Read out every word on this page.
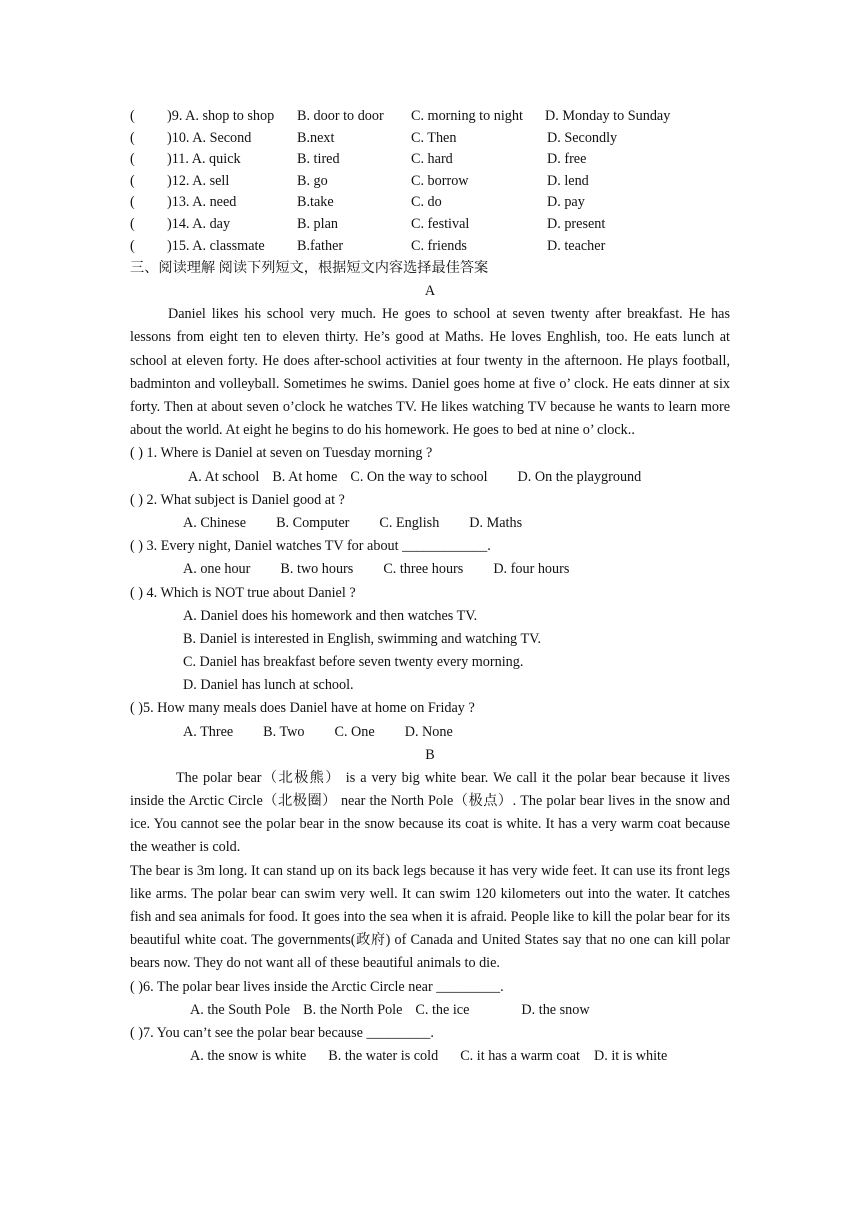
( )9. A. shop to shop B. door to door C. morning to night D. Monday to Sunday
( )10. A. Second	B.next	C. Then	D. Secondly
( )11. A. quick	B. tired	C. hard	D. free
( )12. A. sell	B. go	C. borrow	D. lend
( )13. A. need	B.take	C. do	D. pay
( )14. A. day	B. plan	C. festival	D. present
( )15. A. classmate B.father	C. friends	D. teacher
三、阅读理解 阅读下列短文，根据短文内容选择最佳答案
A
Daniel likes his school very much. He goes to school at seven twenty after breakfast. He has lessons from eight ten to eleven thirty. He’s good at Maths. He loves Enghlish, too. He eats lunch at school at eleven forty. He does after-school activities at four twenty in the afternoon. He plays football, badminton and volleyball. Sometimes he swims. Daniel goes home at five o’ clock. He eats dinner at six forty. Then at about seven o’clock he watches TV. He likes watching TV because he wants to learn more about the world. At eight he begins to do his homework. He goes to bed at nine o’ clock..
( ) 1. Where is Daniel at seven on Tuesday morning ?
A. At school B. At home C. On the way to school D. On the playground
( ) 2. What subject is Daniel good at ?
A. Chinese B. Computer C. English D. Maths
( ) 3. Every night, Daniel watches TV for about ____________.
A. one hour B. two hours C. three hours D. four hours
( ) 4. Which is NOT true about Daniel ?
A. Daniel does his homework and then watches TV.
B. Daniel is interested in English, swimming and watching TV.
C. Daniel has breakfast before seven twenty every morning.
D. Daniel has lunch at school.
( )5. How many meals does Daniel have at home on Friday ?
A. Three B. Two C. One D. None
B
The polar bear（北极熊） is a very big white bear. We call it the polar bear because it lives inside the Arctic Circle（北极圈） near the North Pole（极点）. The polar bear lives in the snow and ice. You cannot see the polar bear in the snow because its coat is white. It has a very warm coat because the weather is cold.
The bear is 3m long. It can stand up on its back legs because it has very wide feet. It can use its front legs like arms. The polar bear can swim very well. It can swim 120 kilometers out into the water. It catches fish and sea animals for food. It goes into the sea when it is afraid. People like to kill the polar bear for its beautiful white coat. The governments(政府) of Canada and United States say that no one can kill polar bears now. They do not want all of these beautiful animals to die.
( )6. The polar bear lives inside the Arctic Circle near _________.
A. the South Pole B. the North Pole C. the ice	D. the snow
( )7. You can’t see the polar bear because _________.
A. the snow is white B. the water is cold C. it has a warm coat D. it is white
